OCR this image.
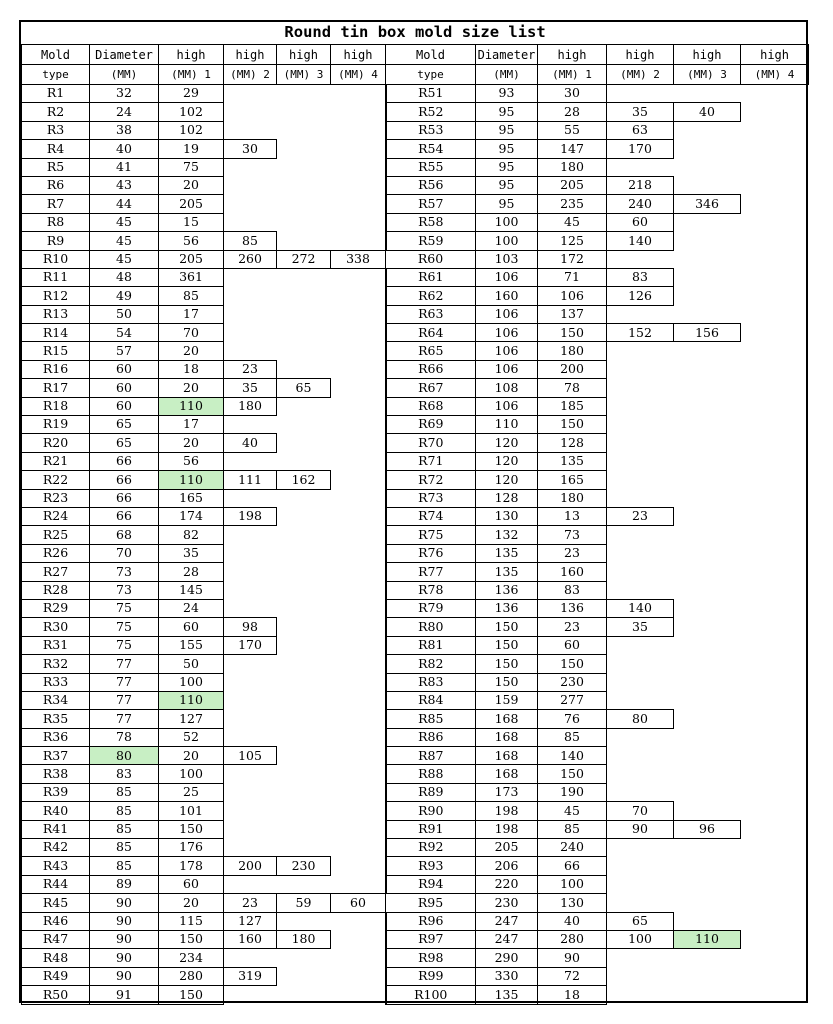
Round tin box mold size list											
Mold	Diameter	high	high	high	high	Mold	Diameter	high	high	high	high
type	(MM)	(MM) 1	(MM) 2	(MM) 3	(MM) 4	type	(MM)	(MM) 1	(MM) 2	(MM) 3	(MM) 4
R1	32	29				R51	93	30			
R2	24	102				R52	95	28	35	40	
R3	38	102				R53	95	55	63		
R4	40	19	30			R54	95	147	170		
R5	41	75				R55	95	180			
R6	43	20				R56	95	205	218		
R7	44	205				R57	95	235	240	346	
R8	45	15				R58	100	45	60		
R9	45	56	85			R59	100	125	140		
R10	45	205	260	272	338	R60	103	172			
R11	48	361				R61	106	71	83		
R12	49	85				R62	160	106	126		
R13	50	17				R63	106	137			
R14	54	70				R64	106	150	152	156	
R15	57	20				R65	106	180			
R16	60	18	23			R66	106	200			
R17	60	20	35	65		R67	108	78			
R18	60	110	180			R68	106	185			
R19	65	17				R69	110	150			
R20	65	20	40			R70	120	128			
R21	66	56				R71	120	135			
R22	66	110	111	162		R72	120	165			
R23	66	165				R73	128	180			
R24	66	174	198			R74	130	13	23		
R25	68	82				R75	132	73			
R26	70	35				R76	135	23			
R27	73	28				R77	135	160			
R28	73	145				R78	136	83			
R29	75	24				R79	136	136	140		
R30	75	60	98			R80	150	23	35		
R31	75	155	170			R81	150	60			
R32	77	50				R82	150	150			
R33	77	100				R83	150	230			
R34	77	110				R84	159	277			
R35	77	127				R85	168	76	80		
R36	78	52				R86	168	85			
R37	80	20	105			R87	168	140			
R38	83	100				R88	168	150			
R39	85	25				R89	173	190			
R40	85	101				R90	198	45	70		
R41	85	150				R91	198	85	90	96	
R42	85	176				R92	205	240			
R43	85	178	200	230		R93	206	66			
R44	89	60				R94	220	100			
R45	90	20	23	59	60	R95	230	130			
R46	90	115	127			R96	247	40	65		
R47	90	150	160	180		R97	247	280	100	110	
R48	90	234				R98	290	90			
R49	90	280	319			R99	330	72			
R50	91	150				R100	135	18			
